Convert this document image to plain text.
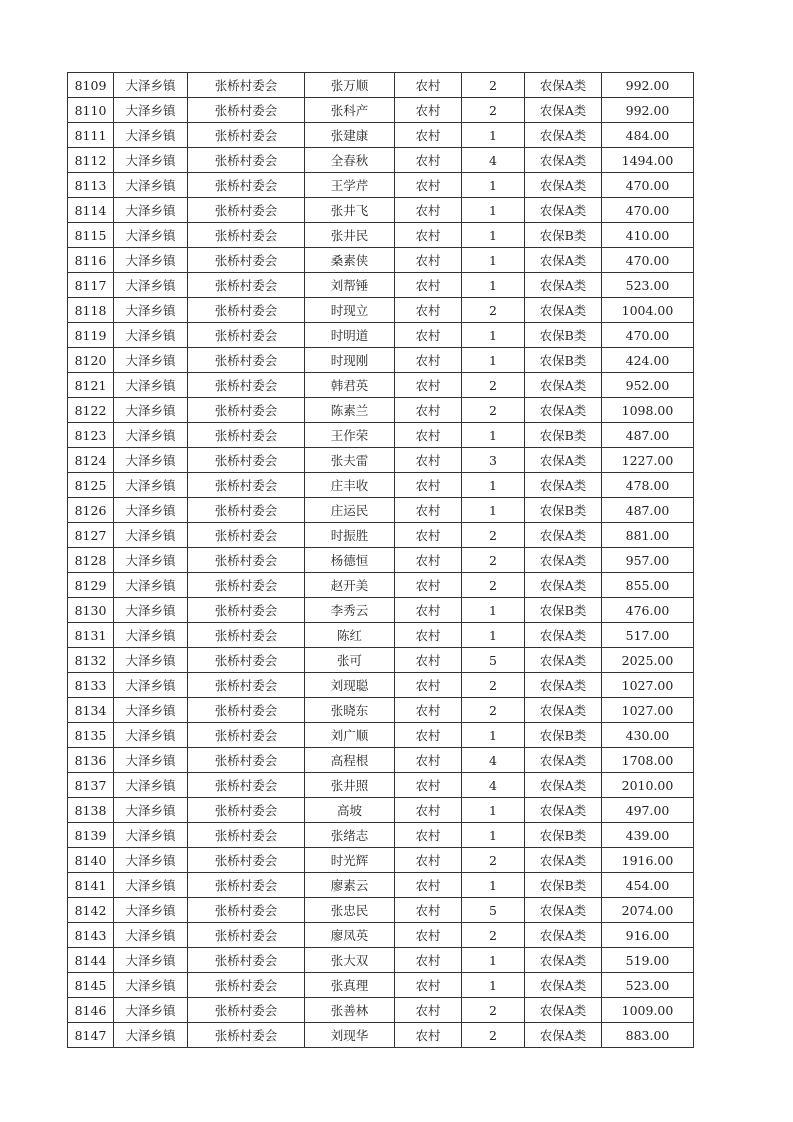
8109	大泽乡镇	张桥村委会	张万顺	农村	2	农保A类	992.00
8110	大泽乡镇	张桥村委会	张科产	农村	2	农保A类	992.00
8111	大泽乡镇	张桥村委会	张建康	农村	1	农保A类	484.00
8112	大泽乡镇	张桥村委会	全春秋	农村	4	农保A类	1494.00
8113	大泽乡镇	张桥村委会	王学芹	农村	1	农保A类	470.00
8114	大泽乡镇	张桥村委会	张井飞	农村	1	农保A类	470.00
8115	大泽乡镇	张桥村委会	张井民	农村	1	农保B类	410.00
8116	大泽乡镇	张桥村委会	桑素侠	农村	1	农保A类	470.00
8117	大泽乡镇	张桥村委会	刘帮锤	农村	1	农保A类	523.00
8118	大泽乡镇	张桥村委会	时现立	农村	2	农保A类	1004.00
8119	大泽乡镇	张桥村委会	时明道	农村	1	农保B类	470.00
8120	大泽乡镇	张桥村委会	时现刚	农村	1	农保B类	424.00
8121	大泽乡镇	张桥村委会	韩君英	农村	2	农保A类	952.00
8122	大泽乡镇	张桥村委会	陈素兰	农村	2	农保A类	1098.00
8123	大泽乡镇	张桥村委会	王作荣	农村	1	农保B类	487.00
8124	大泽乡镇	张桥村委会	张夫雷	农村	3	农保A类	1227.00
8125	大泽乡镇	张桥村委会	庄丰收	农村	1	农保A类	478.00
8126	大泽乡镇	张桥村委会	庄运民	农村	1	农保B类	487.00
8127	大泽乡镇	张桥村委会	时振胜	农村	2	农保A类	881.00
8128	大泽乡镇	张桥村委会	杨德恒	农村	2	农保A类	957.00
8129	大泽乡镇	张桥村委会	赵开美	农村	2	农保A类	855.00
8130	大泽乡镇	张桥村委会	李秀云	农村	1	农保B类	476.00
8131	大泽乡镇	张桥村委会	陈红	农村	1	农保A类	517.00
8132	大泽乡镇	张桥村委会	张可	农村	5	农保A类	2025.00
8133	大泽乡镇	张桥村委会	刘现聪	农村	2	农保A类	1027.00
8134	大泽乡镇	张桥村委会	张晓东	农村	2	农保A类	1027.00
8135	大泽乡镇	张桥村委会	刘广顺	农村	1	农保B类	430.00
8136	大泽乡镇	张桥村委会	高程根	农村	4	农保A类	1708.00
8137	大泽乡镇	张桥村委会	张井照	农村	4	农保A类	2010.00
8138	大泽乡镇	张桥村委会	高坡	农村	1	农保A类	497.00
8139	大泽乡镇	张桥村委会	张绪志	农村	1	农保B类	439.00
8140	大泽乡镇	张桥村委会	时光辉	农村	2	农保A类	1916.00
8141	大泽乡镇	张桥村委会	廖素云	农村	1	农保B类	454.00
8142	大泽乡镇	张桥村委会	张忠民	农村	5	农保A类	2074.00
8143	大泽乡镇	张桥村委会	廖凤英	农村	2	农保A类	916.00
8144	大泽乡镇	张桥村委会	张大双	农村	1	农保A类	519.00
8145	大泽乡镇	张桥村委会	张真理	农村	1	农保A类	523.00
8146	大泽乡镇	张桥村委会	张善林	农村	2	农保A类	1009.00
8147	大泽乡镇	张桥村委会	刘现华	农村	2	农保A类	883.00
